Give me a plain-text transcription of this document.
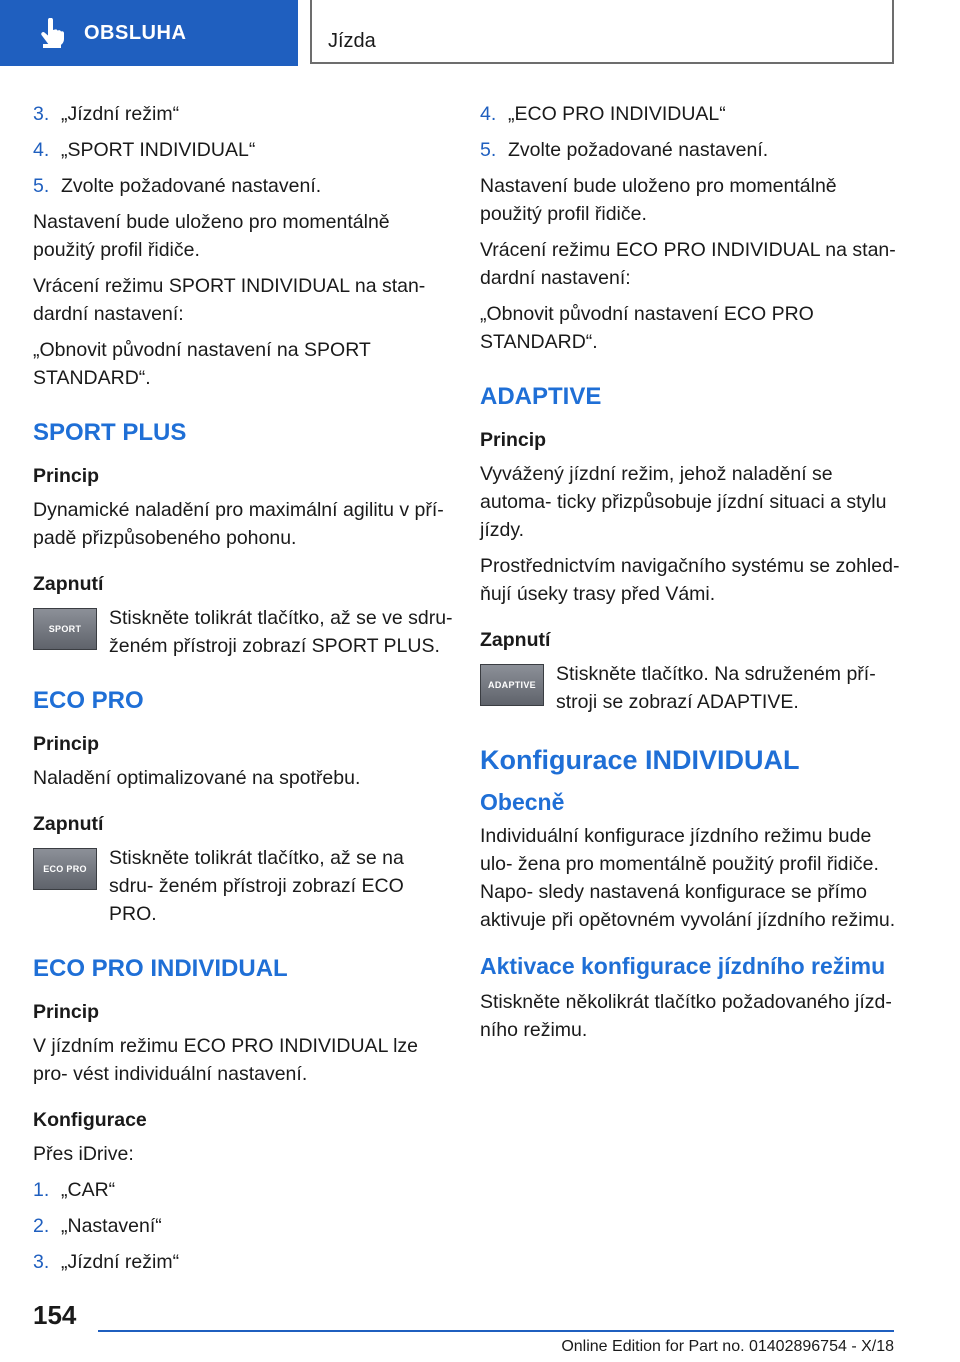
OBSLUHA	Jízda
3. „Jízdní režim“
4. „SPORT INDIVIDUAL“
5. Zvolte požadované nastavení.

Nastavení bude uloženo pro momentálně použitý profil řidiče.

Vrácení režimu SPORT INDIVIDUAL na stan- dardní nastavení:

„Obnovit původní nastavení na SPORT STANDARD“.

SPORT PLUS
Princip

Dynamické naladění pro maximální agilitu v pří- padě přizpůsobeného pohonu.

Zapnutí
SPORT Stiskněte tolikrát tlačítko, až se ve sdru- ženém přístroji zobrazí SPORT PLUS.
ECO PRO
Princip

Naladění optimalizované na spotřebu.

Zapnutí
ECO PRO Stiskněte tolikrát tlačítko, až se na sdru- ženém přístroji zobrazí ECO PRO.
ECO PRO INDIVIDUAL
Princip

V jízdním režimu ECO PRO INDIVIDUAL lze pro- vést individuální nastavení.

Konfigurace

Přes iDrive:

1. „CAR“
2. „Nastavení“
3. „Jízdní režim“
4. „ECO PRO INDIVIDUAL“
5. Zvolte požadované nastavení.

Nastavení bude uloženo pro momentálně použitý profil řidiče.

Vrácení režimu ECO PRO INDIVIDUAL na stan- dardní nastavení:

„Obnovit původní nastavení ECO PRO STANDARD“.

ADAPTIVE
Princip

Vyvážený jízdní režim, jehož naladění se automa- ticky přizpůsobuje jízdní situaci a stylu jízdy.

Prostřednictvím navigačního systému se zohled- ňují úseky trasy před Vámi.

Zapnutí
ADAPTIVE Stiskněte tlačítko. Na sdruženém pří- stroji se zobrazí ADAPTIVE.
Konfigurace INDIVIDUAL
Obecně

Individuální konfigurace jízdního režimu bude ulo- žena pro momentálně použitý profil řidiče. Napo- sledy nastavená konfigurace se přímo aktivuje při opětovném vyvolání jízdního režimu.

Aktivace konfigurace jízdního režimu

Stiskněte několikrát tlačítko požadovaného jízd- ního režimu.

154
Online Edition for Part no. 01402896754 - X/18
